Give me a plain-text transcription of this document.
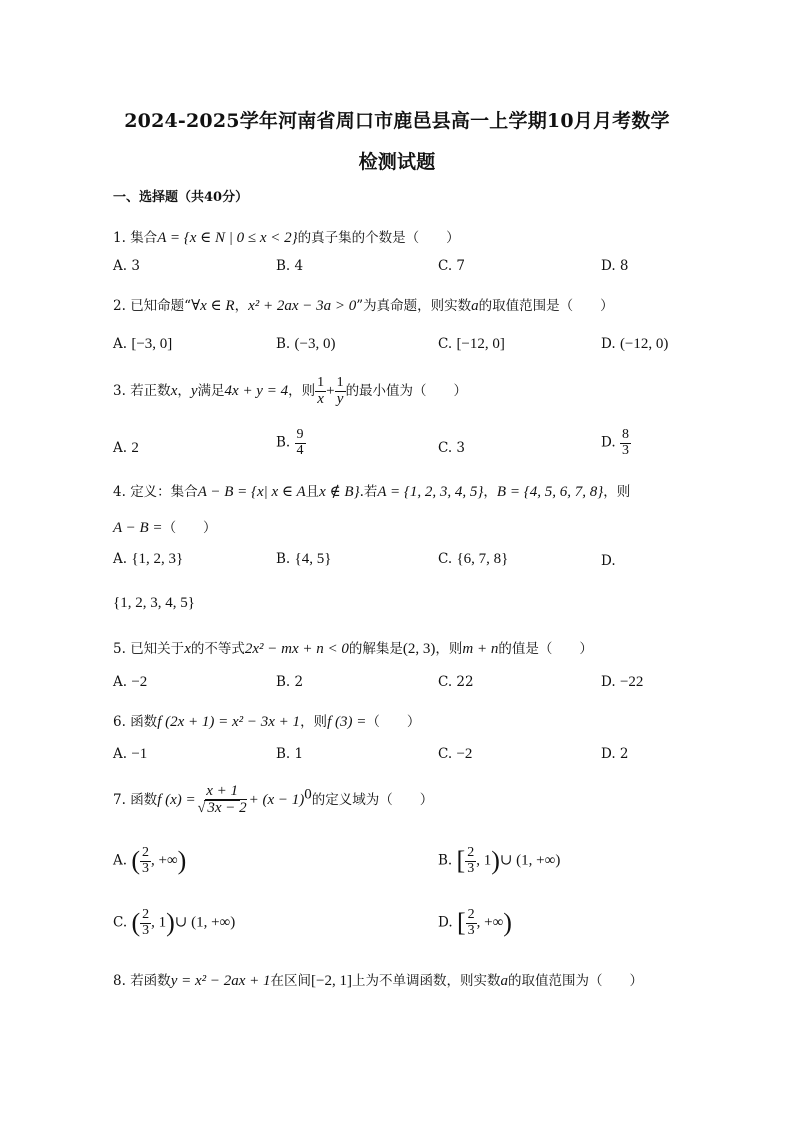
2024-2025学年河南省周口市鹿邑县高一上学期10月月考数学
检测试题
一、选择题（共40分）
1. 集合A = {x ∈ N | 0 ≤ x < 2}的真子集的个数是（　　）
A. 3	B. 4	C. 7	D. 8
2. 已知命题“∀x ∈ R，x² + 2ax − 3a > 0”为真命题，则实数a的取值范围是（　　）
A. [−3, 0]	B. (−3, 0)	C. [−12, 0]	D. (−12, 0)
3. 若正数x，y满足4x + y = 4，则 $\frac{1}{x} + \frac{1}{y}$ 的最小值为（　　）
A. 2	B. $\frac{9}{4}$	C. 3	D. $\frac{8}{3}$
4. 定义：集合A − B = {x| x ∈ A且x ∉ B}.若A = {1, 2, 3, 4, 5}，B = {4, 5, 6, 7, 8}，则
A − B =（　　）
A. {1, 2, 3}	B. {4, 5}	C. {6, 7, 8}	D.
{1, 2, 3, 4, 5}
5. 已知关于x的不等式2x² − mx + n < 0的解集是(2, 3)，则m + n的值是（　　）
A. −2	B. 2	C. 22	D. −22
6. 函数f (2x + 1) = x² − 3x + 1，则f (3) =（　　）
A. −1	B. 1	C. −2	D. 2
7. 函数f $(x) = \frac{x + 1}{√ 3x - 2} + (x - 1)^0$的定义域为（　　）
A. ( $\frac{2}{3}$ , +∞)	B. [ $\frac{2}{3}$ , 1)∪ (1, +∞)
C. ( $\frac{2}{3}$ , 1)∪ (1, +∞)	D. [ $\frac{2}{3}$ , +∞)
8. 若函数y = x² − 2ax + 1在区间[−2, 1]上为不单调函数，则实数a的取值范围为（　　）
